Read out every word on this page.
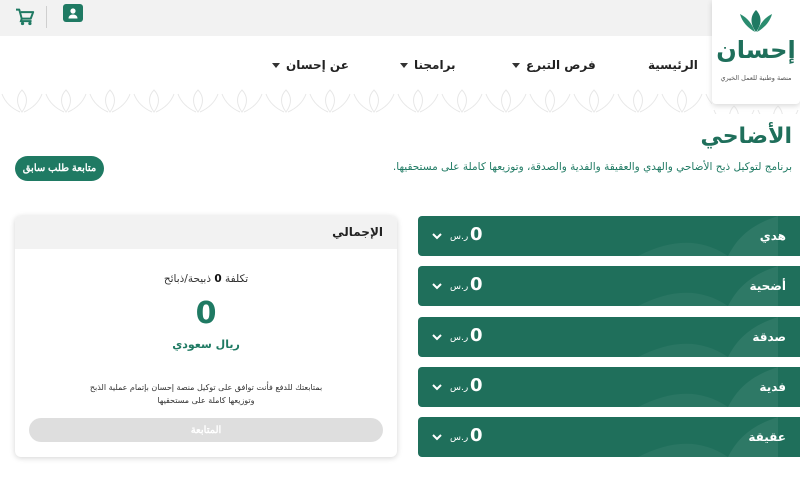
إحسان
منصة وطنية للعمل الخيري
الرئيسية
فرص التبرع
برامجنا
عن إحسان
الأضاحي
برنامج لتوكيل ذبح الأضاحي والهدي والعقيقة والفدية والصدقة، وتوزيعها كاملة على مستحقيها.
متابعة طلب سابق
هدي
0
ر.س
أضحية
0
ر.س
صدقة
0
ر.س
فدية
0
ر.س
عقيقة
0
ر.س
الإجمالي
تكلفة 0 ذبيحة/ذبائح
0
ريال سعودي
بمتابعتك للدفع فأنت توافق على توكيل منصة إحسان بإتمام عملية الذبح
وتوزيعها كاملة على مستحقيها
المتابعة
